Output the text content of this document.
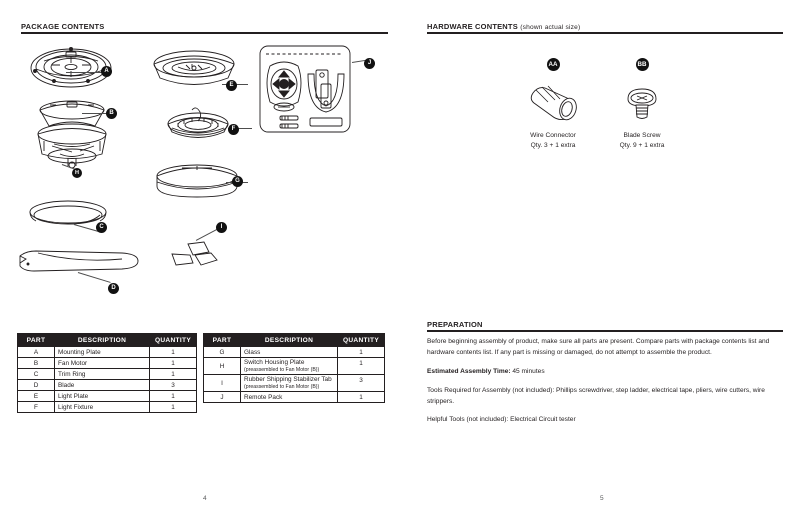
PACKAGE CONTENTS	HARDWARE CONTENTS (shown actual size)
A
B
H
C
D
E
F
G
I
J	AA
Wire Connector
Qty. 3 + 1 extra
BB
Blade Screw
Qty. 9 + 1 extra
PART	DESCRIPTION	QUANTITY
A	Mounting Plate	1
B	Fan Motor	1
C	Trim Ring	1
D	Blade	3
E	Light Plate	1
F	Light Fixture	1
PART	DESCRIPTION	QUANTITY
G	Glass	1
H	Switch Housing Plate
(preassembled to Fan Motor (B))	1
I	Rubber Shipping Stabilizer Tab (preassembled to Fan Motor (B))	3
J	Remote Pack	1
PREPARATION

Before beginning assembly of product, make sure all parts are present. Compare parts with package contents list and hardware contents list. If any part is missing or damaged, do not attempt to assemble the product.

Estimated Assembly Time: 45 minutes

Tools Required for Assembly (not included): Phillips screwdriver, step ladder, electrical tape, pliers, wire cutters, wire strippers.

Helpful Tools (not included): Electrical Circuit tester

4	5
